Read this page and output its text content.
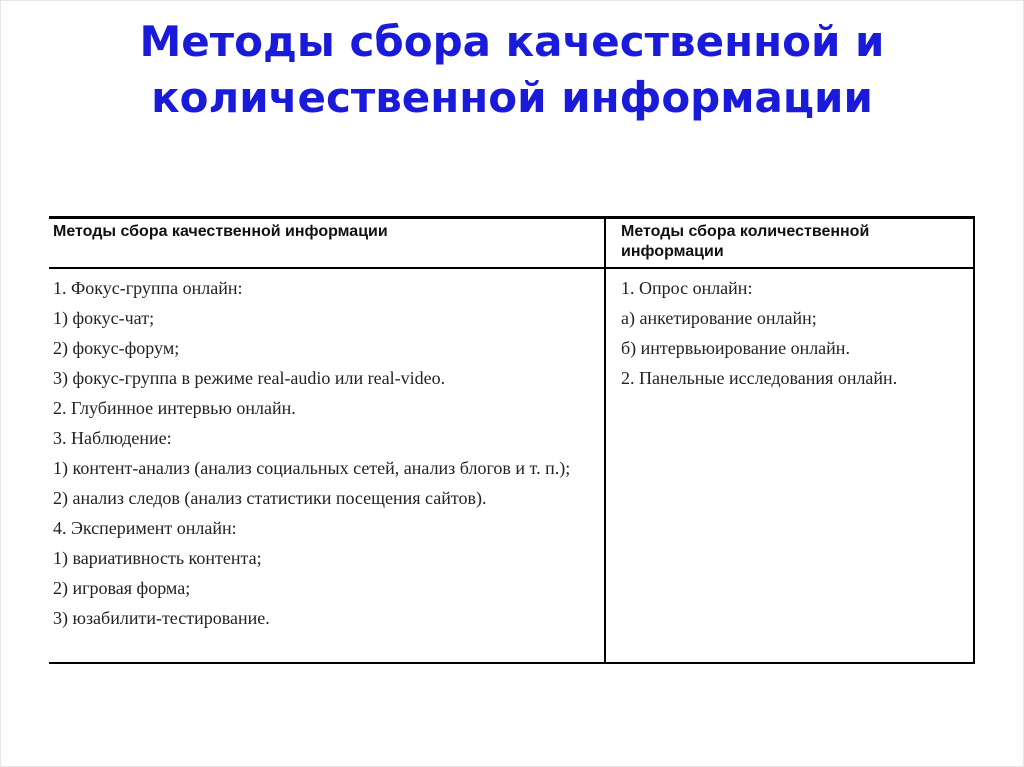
Методы сбора качественной и
количественной информации
Методы сбора качественной информации	Методы сбора количественной информации
1. Фокус-группа онлайн:
1) фокус-чат;
2) фокус-форум;
3) фокус-группа в режиме real-audio или real-video.
2. Глубинное интервью онлайн.
3. Наблюдение:
1) контент-анализ (анализ социальных сетей, анализ блогов и т. п.);
2) анализ следов (анализ статистики посещения сайтов).
4. Эксперимент онлайн:
1) вариативность контента;
2) игровая форма;
3) юзабилити-тестирование.
1. Опрос онлайн:
а) анкетирование онлайн;
б) интервьюирование онлайн.
2. Панельные исследования онлайн.
